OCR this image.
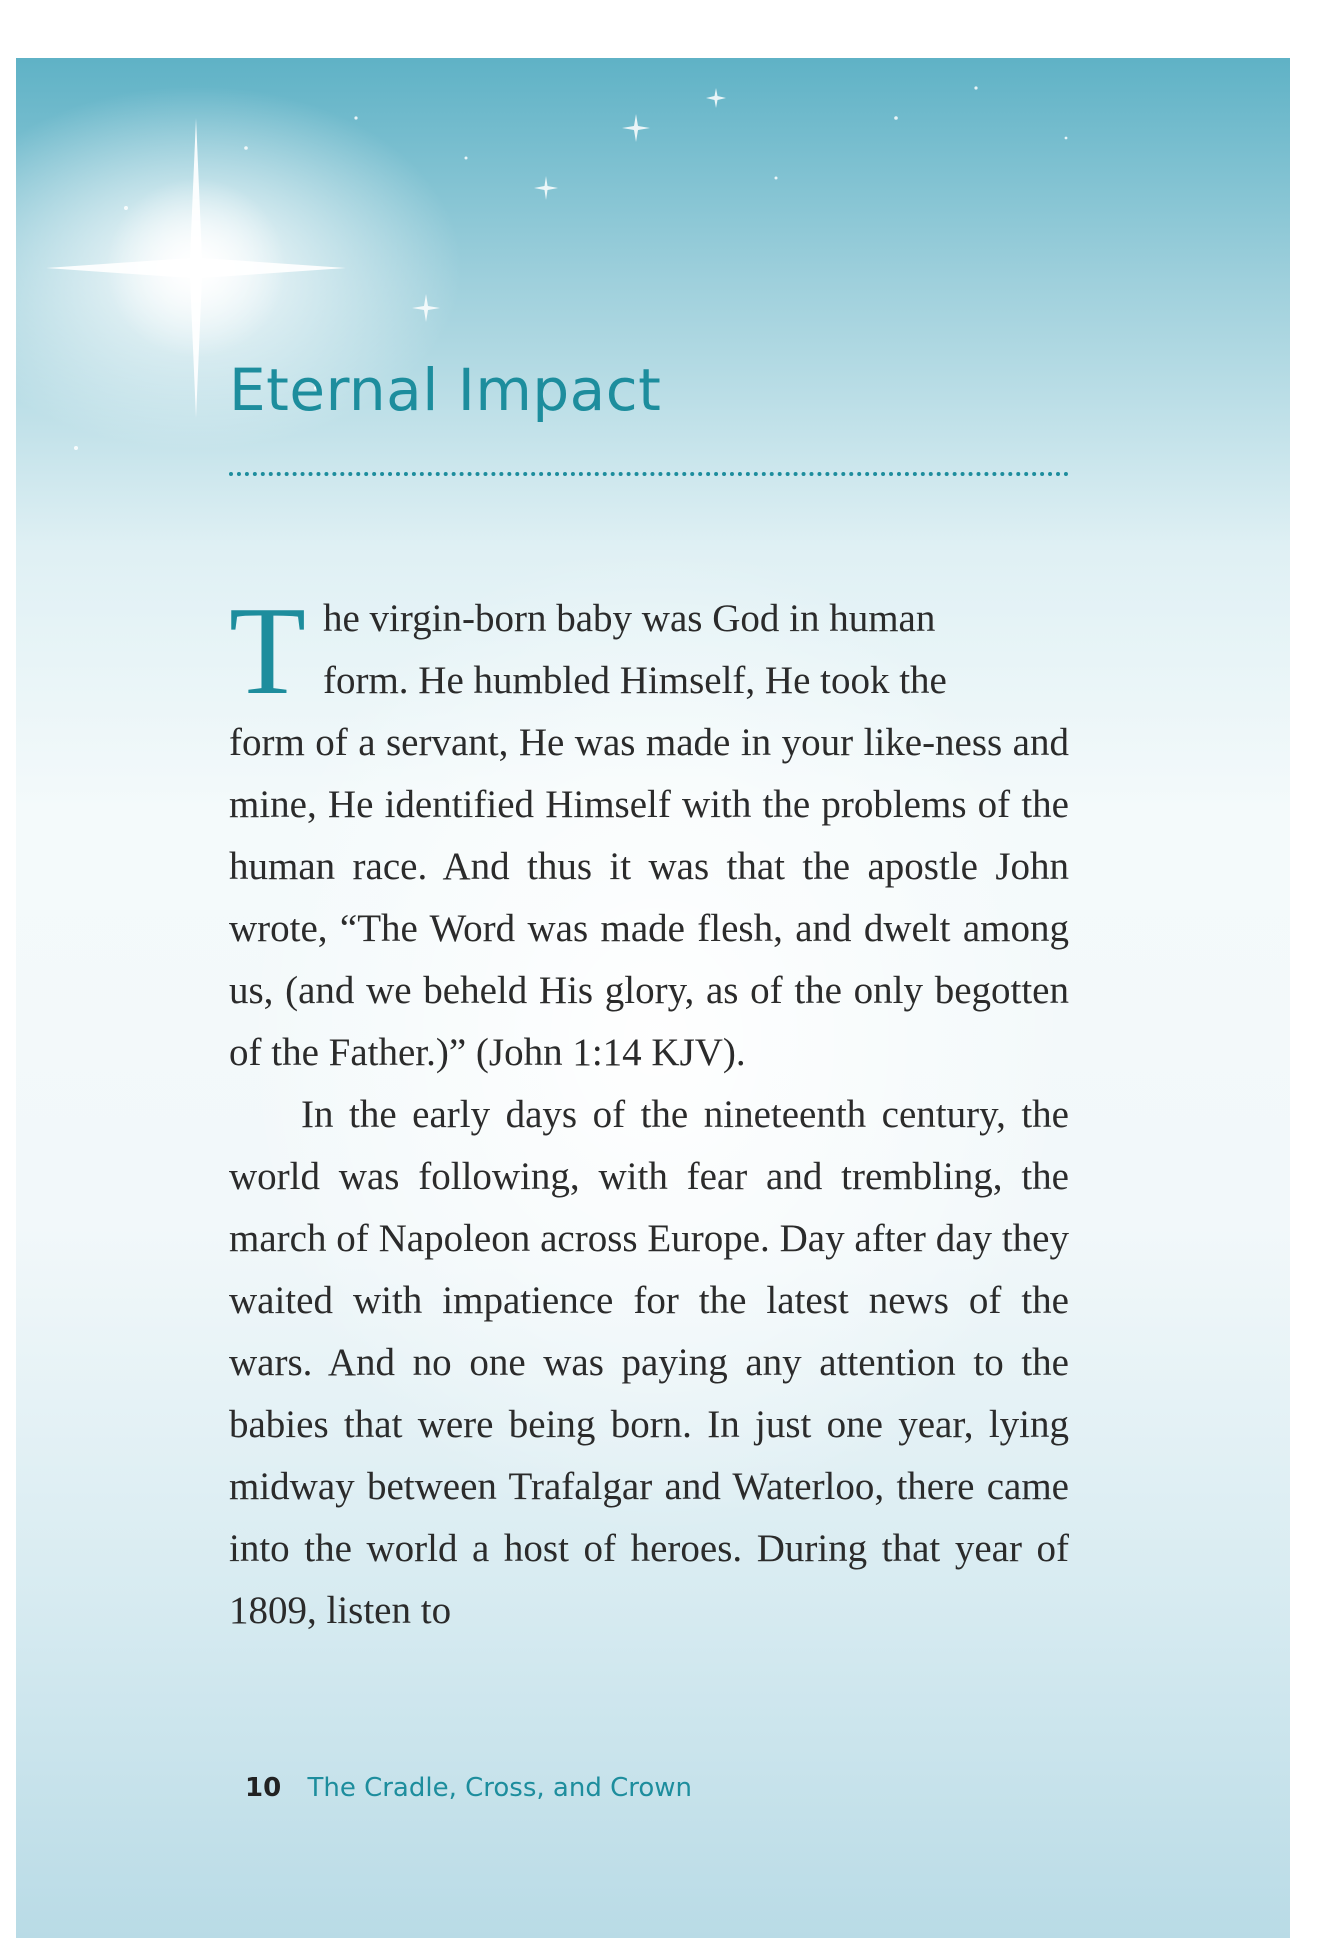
Eternal Impact

T he virgin-born baby was God in human
form. He humbled Himself, He took the
form of a servant, He was made in your like-ness and mine, He identified Himself with the problems of the human race. And thus it was that the apostle John wrote, “The Word was made flesh, and dwelt among us, (and we beheld His glory, as of the only begotten of the Father.)” (John 1:14 KJV).

In the early days of the nineteenth century, the world was following, with fear and trembling, the march of Napoleon across Europe. Day after day they waited with impatience for the latest news of the wars. And no one was paying any attention to the babies that were being born. In just one year, lying midway between Trafalgar and Waterloo, there came into the world a host of heroes. During that year of 1809, listen to

10 The Cradle, Cross, and Crown
